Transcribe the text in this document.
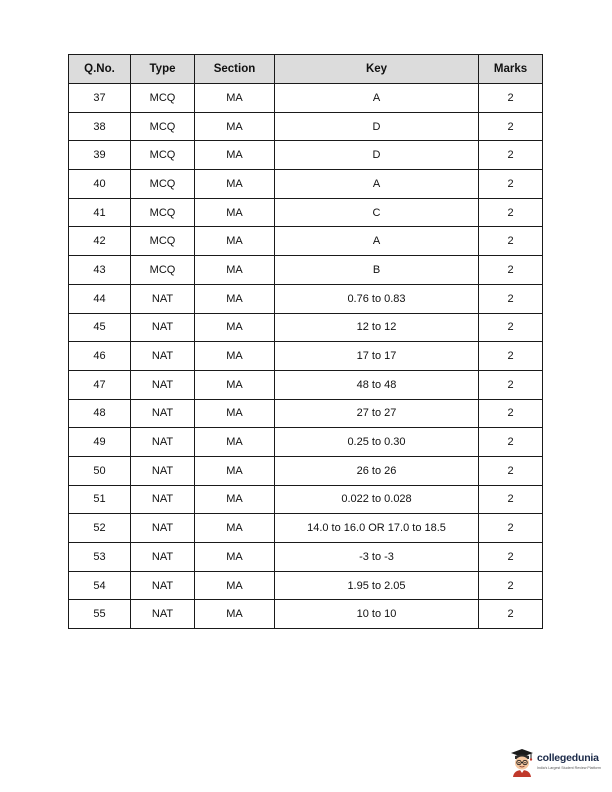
Q.No.	Type	Section	Key	Marks
37	MCQ	MA	A	2
38	MCQ	MA	D	2
39	MCQ	MA	D	2
40	MCQ	MA	A	2
41	MCQ	MA	C	2
42	MCQ	MA	A	2
43	MCQ	MA	B	2
44	NAT	MA	0.76 to 0.83	2
45	NAT	MA	12 to 12	2
46	NAT	MA	17 to 17	2
47	NAT	MA	48 to 48	2
48	NAT	MA	27 to 27	2
49	NAT	MA	0.25 to 0.30	2
50	NAT	MA	26 to 26	2
51	NAT	MA	0.022 to 0.028	2
52	NAT	MA	14.0 to 16.0 OR 17.0 to 18.5	2
53	NAT	MA	-3 to -3	2
54	NAT	MA	1.95 to 2.05	2
55	NAT	MA	10 to 10	2
collegedunia
India's Largest Student Review Platform
